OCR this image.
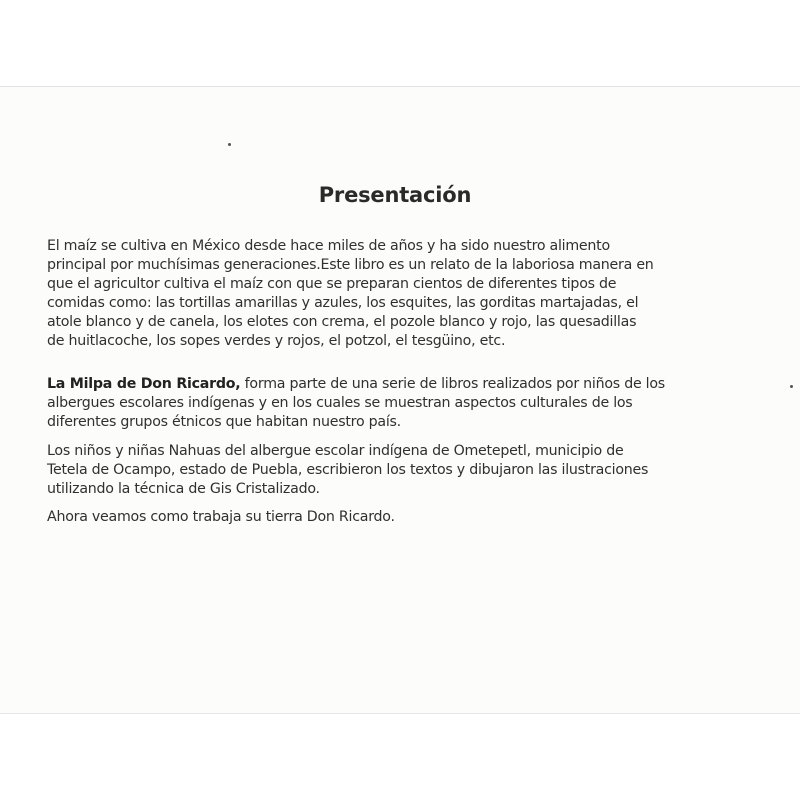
Presentación
El maíz se cultiva en México desde hace miles de años y ha sido nuestro alimento
principal por muchísimas generaciones.Este libro es un relato de la laboriosa manera en
que el agricultor cultiva el maíz con que se preparan cientos de diferentes tipos de
comidas como: las tortillas amarillas y azules, los esquites, las gorditas martajadas, el
atole blanco y de canela, los elotes con crema, el pozole blanco y rojo, las quesadillas
de huitlacoche, los sopes verdes y rojos, el potzol, el tesgüino, etc.
La Milpa de Don Ricardo, forma parte de una serie de libros realizados por niños de los
albergues escolares indígenas y en los cuales se muestran aspectos culturales de los
diferentes grupos étnicos que habitan nuestro país.
Los niños y niñas Nahuas del albergue escolar indígena de Ometepetl, municipio de
Tetela de Ocampo, estado de Puebla, escribieron los textos y dibujaron las ilustraciones
utilizando la técnica de Gis Cristalizado.
Ahora veamos como trabaja su tierra Don Ricardo.
